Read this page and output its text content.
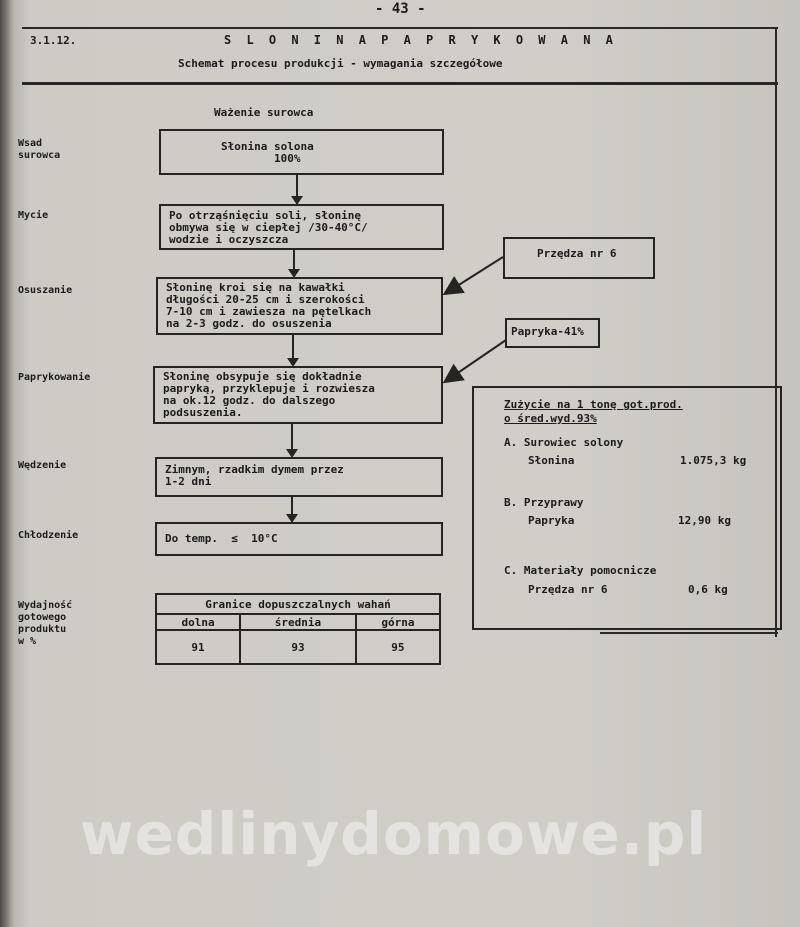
- 43 -
3.1.12.	S L O N I N A P A P R Y K O W A N A
Schemat procesu produkcji - wymagania szczegółowe
Ważenie surowca
Wsad
surowca
Mycie
Osuszanie
Paprykowanie
Wędzenie
Chłodzenie
Wydajność
gotowego
produktu
w %
Słonina solona
100%
Po otrząśnięciu soli, słoninę
obmywa się w ciepłej /30-40°C/
wodzie i oczyszcza
Słoninę kroi się na kawałki
długości 20-25 cm i szerokości
7-10 cm i zawiesza na pętelkach
na 2-3 godz. do osuszenia
Słoninę obsypuje się dokładnie
papryką, przyklepuje i rozwiesza
na ok.12 godz. do dalszego
podsuszenia.
Zimnym, rzadkim dymem przez
1-2 dni
Do temp.  ≤  10°C
Przędza nr 6
Papryka-41%
Granice dopuszczalnych wahań		
dolna	średnia	górna
91	93	95
Zużycie na 1 tonę got.prod.
o śred.wyd.93%
A. Surowiec solony
Słonina	1.075,3 kg
B. Przyprawy
Papryka	12,90 kg
C. Materiały pomocnicze
Przędza nr 6	0,6 kg
wedlinydomowe.pl
